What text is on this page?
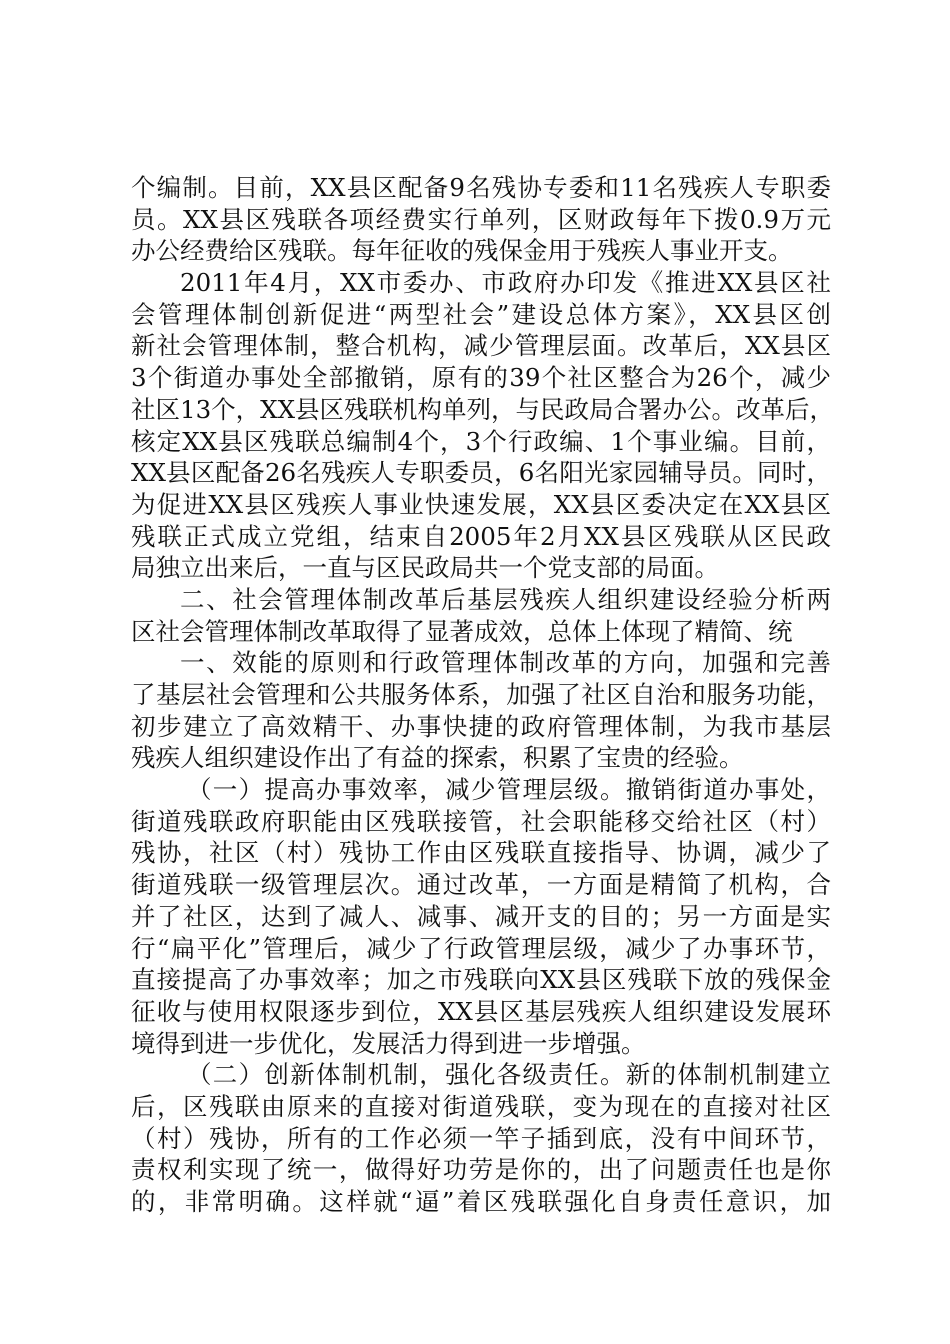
个编制。目前，XX县区配备9名残协专委和11名残疾人专职委
员。XX县区残联各项经费实行单列，区财政每年下拨0.9万元
办公经费给区残联。每年征收的残保金用于残疾人事业开支。
2011年4月，XX市委办、市政府办印发《推进XX县区社
会管理体制创新促进“两型社会”建设总体方案》，XX县区创
新社会管理体制，整合机构，减少管理层面。改革后，XX县区
3个街道办事处全部撤销，原有的39个社区整合为26个，减少
社区13个，XX县区残联机构单列，与民政局合署办公。改革后，
核定XX县区残联总编制4个，3个行政编、1个事业编。目前，
XX县区配备26名残疾人专职委员，6名阳光家园辅导员。同时，
为促进XX县区残疾人事业快速发展，XX县区委决定在XX县区
残联正式成立党组，结束自2005年2月XX县区残联从区民政
局独立出来后，一直与区民政局共一个党支部的局面。
二、社会管理体制改革后基层残疾人组织建设经验分析两
区社会管理体制改革取得了显著成效，总体上体现了精简、统
一、效能的原则和行政管理体制改革的方向，加强和完善
了基层社会管理和公共服务体系，加强了社区自治和服务功能，
初步建立了高效精干、办事快捷的政府管理体制，为我市基层
残疾人组织建设作出了有益的探索，积累了宝贵的经验。
（一）提高办事效率，减少管理层级。撤销街道办事处，
街道残联政府职能由区残联接管，社会职能移交给社区（村）
残协，社区（村）残协工作由区残联直接指导、协调，减少了
街道残联一级管理层次。通过改革，一方面是精简了机构，合
并了社区，达到了减人、减事、减开支的目的；另一方面是实
行“扁平化”管理后，减少了行政管理层级，减少了办事环节，
直接提高了办事效率；加之市残联向XX县区残联下放的残保金
征收与使用权限逐步到位，XX县区基层残疾人组织建设发展环
境得到进一步优化，发展活力得到进一步增强。
（二）创新体制机制，强化各级责任。新的体制机制建立
后，区残联由原来的直接对街道残联，变为现在的直接对社区
（村）残协，所有的工作必须一竿子插到底，没有中间环节，
责权利实现了统一，做得好功劳是你的，出了问题责任也是你
的，非常明确。这样就“逼”着区残联强化自身责任意识，加
